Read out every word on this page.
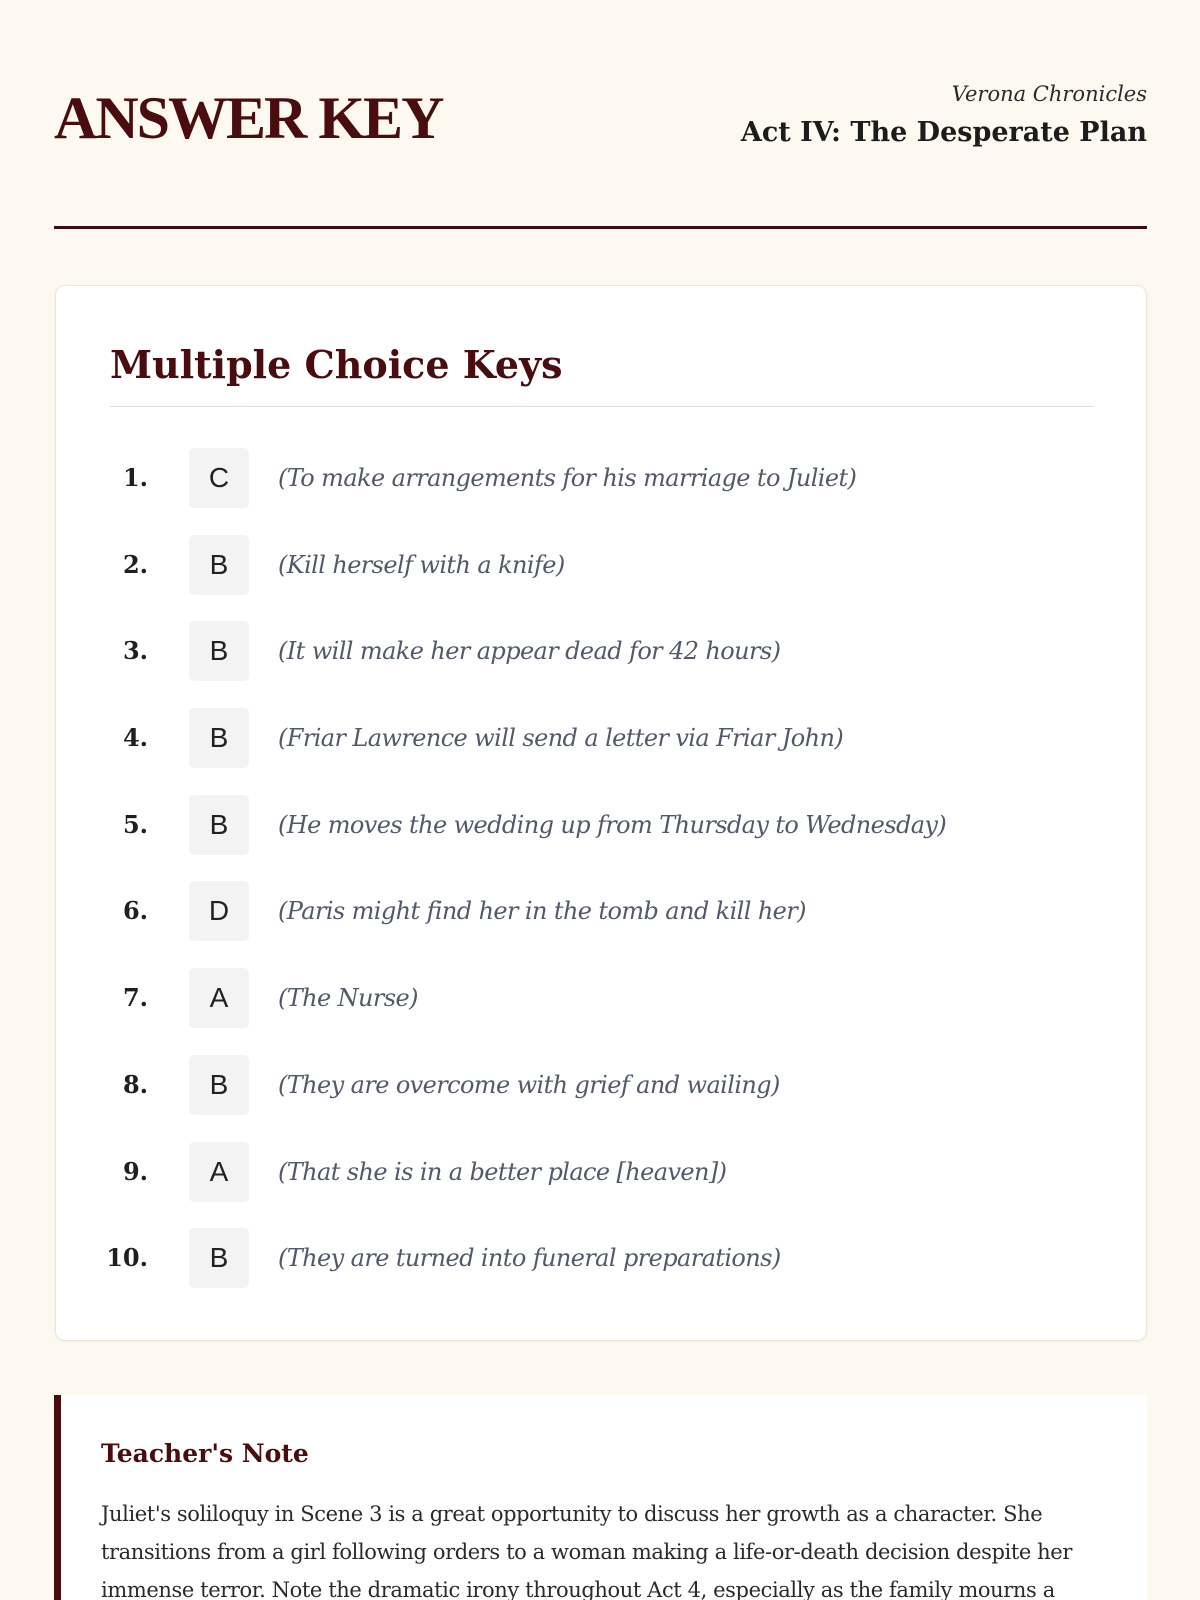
ANSWER KEY	Verona Chronicles
Act IV: The Desperate Plan
Multiple Choice Keys
1.	C	(To make arrangements for his marriage to Juliet)
2.	B	(Kill herself with a knife)
3.	B	(It will make her appear dead for 42 hours)
4.	B	(Friar Lawrence will send a letter via Friar John)
5.	B	(He moves the wedding up from Thursday to Wednesday)
6.	D	(Paris might find her in the tomb and kill her)
7.	A	(The Nurse)
8.	B	(They are overcome with grief and wailing)
9.	A	(That she is in a better place [heaven])
10.	B	(They are turned into funeral preparations)
Teacher's Note

Juliet's soliloquy in Scene 3 is a great opportunity to discuss her growth as a character. She transitions from a girl following orders to a woman making a life-or-death decision despite her immense terror. Note the dramatic irony throughout Act 4, especially as the family mourns a
